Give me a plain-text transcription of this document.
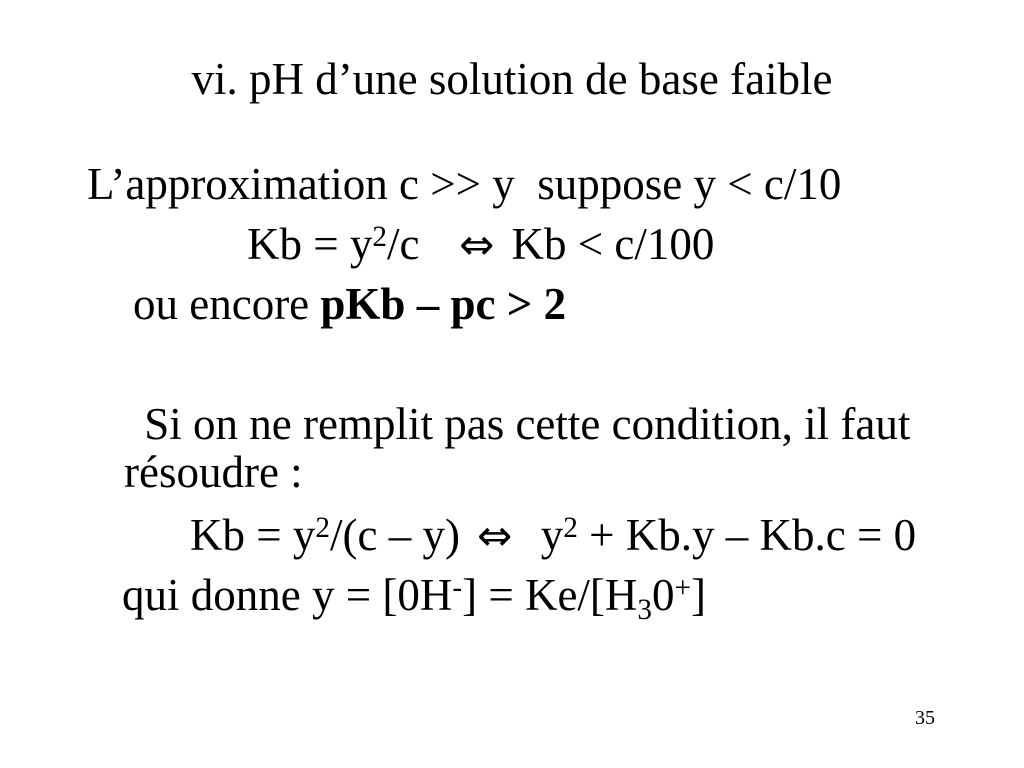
vi. pH d’une solution de base faible
L’approximation c >> y  suppose y < c/10
$Kb = y^2/c$   ⇔ Kb < c/100
ou encore pKb – pc > 2
Si on ne remplit pas cette condition, il faut
résoudre :
$Kb = y^2/(c - y)$ ⇔  $y^2 + Kb.y - Kb.c = 0$
qui donne $y = [0H^-] = Ke/[H_30^+]$
35
